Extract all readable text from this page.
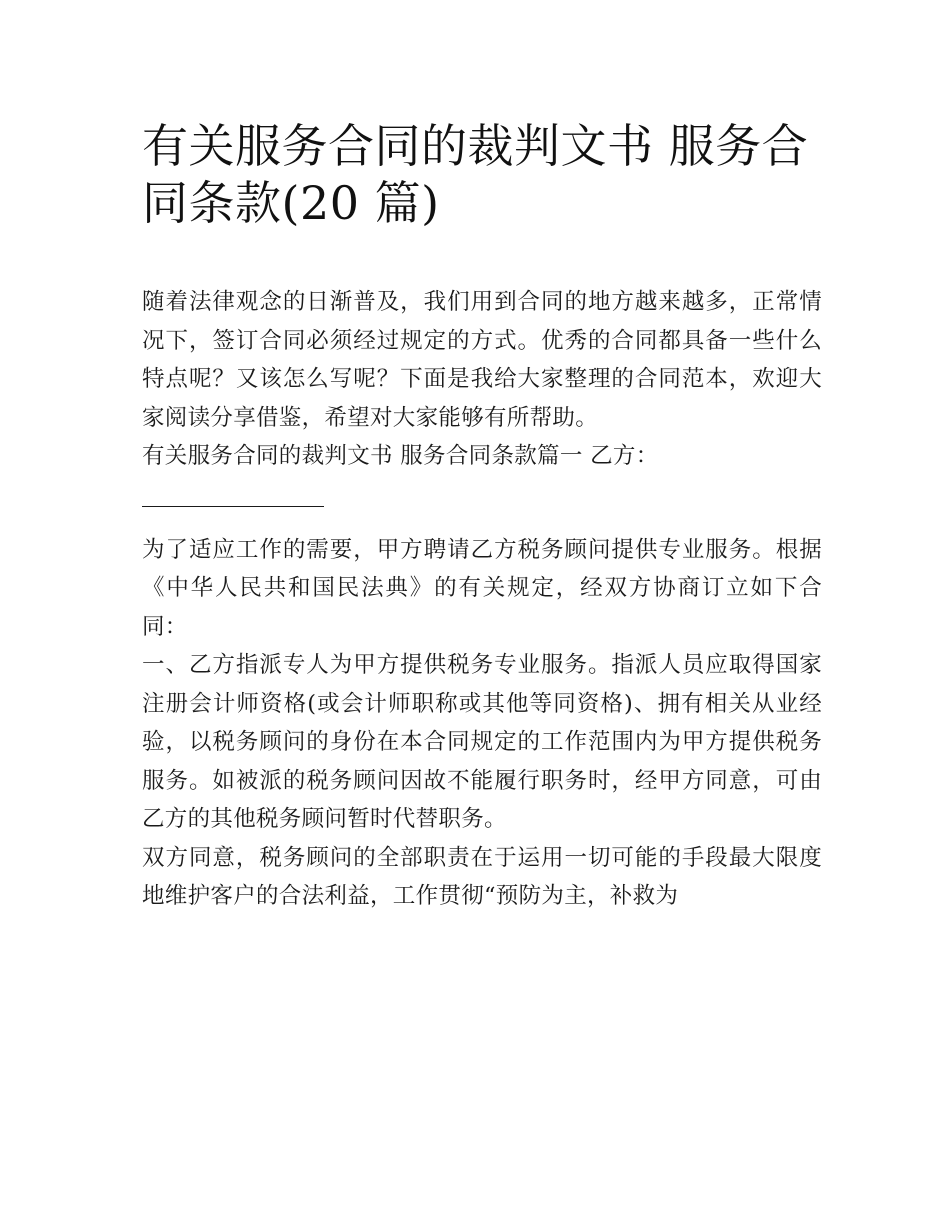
有关服务合同的裁判文书 服务合同条款(20 篇)

随着法律观念的日渐普及，我们用到合同的地方越来越多，正常情况下，签订合同必须经过规定的方式。优秀的合同都具备一些什么特点呢？又该怎么写呢？下面是我给大家整理的合同范本，欢迎大家阅读分享借鉴，希望对大家能够有所帮助。

有关服务合同的裁判文书 服务合同条款篇一 乙方：

为了适应工作的需要，甲方聘请乙方税务顾问提供专业服务。根据《中华人民共和国民法典》的有关规定，经双方协商订立如下合同：

一、乙方指派专人为甲方提供税务专业服务。指派人员应取得国家注册会计师资格(或会计师职称或其他等同资格)、拥有相关从业经验，以税务顾问的身份在本合同规定的工作范围内为甲方提供税务服务。如被派的税务顾问因故不能履行职务时，经甲方同意，可由乙方的其他税务顾问暂时代替职务。

双方同意，税务顾问的全部职责在于运用一切可能的手段最大限度地维护客户的合法利益，工作贯彻“预防为主，补救为
